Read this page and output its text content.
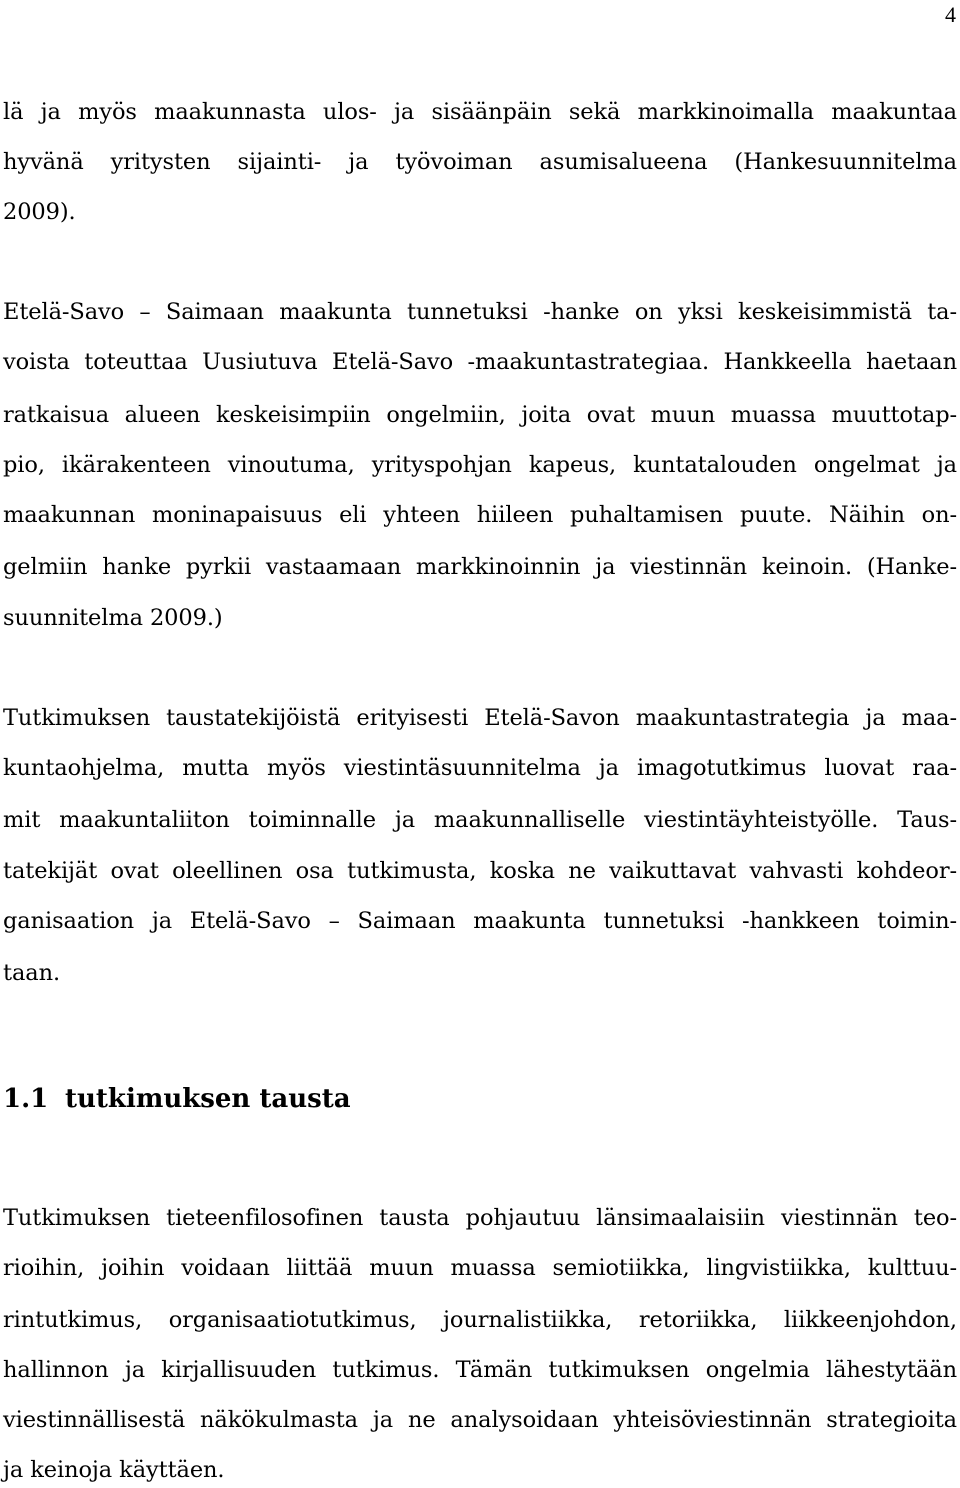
4
lä ja myös maakunnasta ulos- ja sisäänpäin sekä markkinoimalla maakuntaa
hyvänä yritysten sijainti- ja työvoiman asumisalueena (Hankesuunnitelma
2009).
Etelä-Savo – Saimaan maakunta tunnetuksi -hanke on yksi keskeisimmistä ta-
voista toteuttaa Uusiutuva Etelä-Savo -maakuntastrategiaa. Hankkeella haetaan
ratkaisua alueen keskeisimpiin ongelmiin, joita ovat muun muassa muuttotap-
pio, ikärakenteen vinoutuma, yrityspohjan kapeus, kuntatalouden ongelmat ja
maakunnan moninapaisuus eli yhteen hiileen puhaltamisen puute. Näihin on-
gelmiin hanke pyrkii vastaamaan markkinoinnin ja viestinnän keinoin. (Hanke-
suunnitelma 2009.)
Tutkimuksen taustatekijöistä erityisesti Etelä-Savon maakuntastrategia ja maa-
kuntaohjelma, mutta myös viestintäsuunnitelma ja imagotutkimus luovat raa-
mit maakuntaliiton toiminnalle ja maakunnalliselle viestintäyhteistyölle. Taus-
tatekijät ovat oleellinen osa tutkimusta, koska ne vaikuttavat vahvasti kohdeor-
ganisaation ja Etelä-Savo – Saimaan maakunta tunnetuksi -hankkeen toimin-
taan.
1.1 tutkimuksen tausta
Tutkimuksen tieteenfilosofinen tausta pohjautuu länsimaalaisiin viestinnän teo-
rioihin, joihin voidaan liittää muun muassa semiotiikka, lingvistiikka, kulttuu-
rintutkimus, organisaatiotutkimus, journalistiikka, retoriikka, liikkeenjohdon,
hallinnon ja kirjallisuuden tutkimus. Tämän tutkimuksen ongelmia lähestytään
viestinnällisestä näkökulmasta ja ne analysoidaan yhteisöviestinnän strategioita
ja keinoja käyttäen.
